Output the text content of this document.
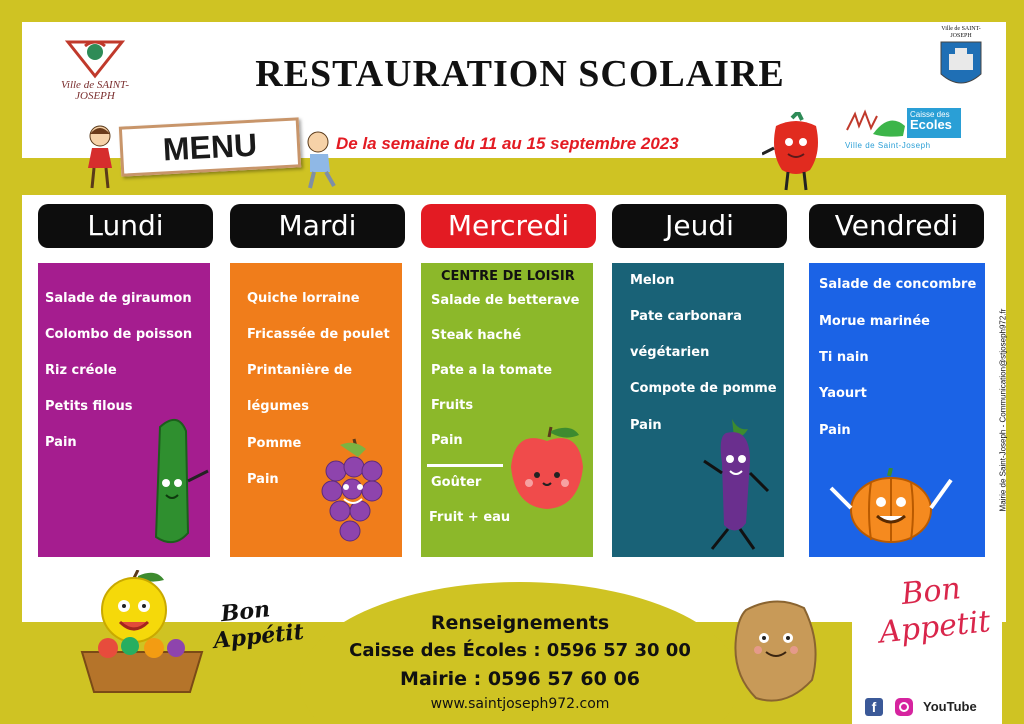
Ville de SAINT-JOSEPH
RESTAURATION SCOLAIRE
Ville de SAINT-JOSEPH
Caisse des
Ecoles
Ville de Saint-Joseph
MENU	De la semaine du 11 au 15 septembre 2023
Lundi	Mardi	Mercredi	Jeudi	Vendredi
Salade de giraumon
Colombo de poisson
Riz créole
Petits filous
Pain
Quiche lorraine
Fricassée de poulet
Printanière de
légumes
Pomme
Pain
CENTRE DE LOISIR
Salade de betterave
Steak haché
Pate a la tomate
Fruits
Pain
Goûter
Fruit + eau
Melon
Pate carbonara
végétarien
Compote de pomme
Pain
Salade de concombre
Morue marinée
Ti nain
Yaourt
Pain	Mairie de Saint-Joseph - Communication@stjoseph972.fr
Bon
Appétit	Renseignements
Caisse des Écoles : 0596 57 30 00
Mairie : 0596 57 60 06
www.saintjoseph972.com
Bon
Appetit
f	YouTube
